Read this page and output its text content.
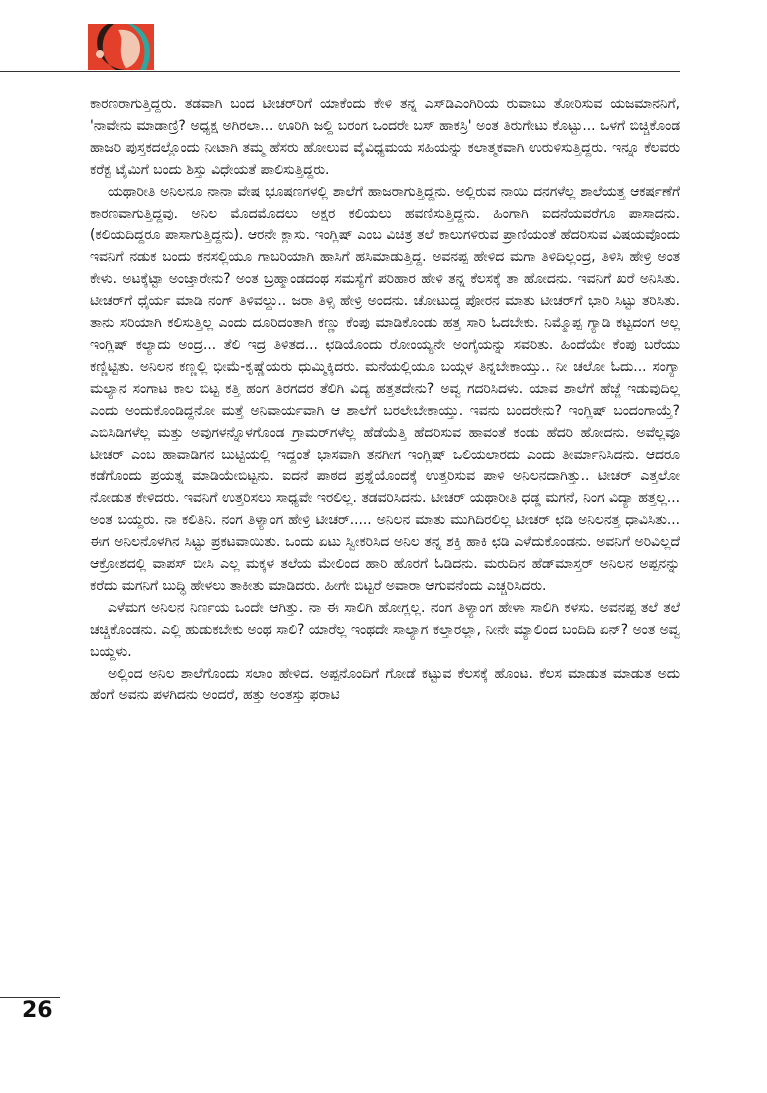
ಕಾರಣರಾಗುತ್ತಿದ್ದರು. ತಡವಾಗಿ ಬಂದ ಟೀಚರ್‌ರಿಗೆ ಯಾಕೆಂದು ಕೇಳಿ ತನ್ನ ಎಸ್‌ಡಿಎಂಗಿರಿಯ ರುವಾಬು ತೋರಿಸುವ ಯಜಮಾನನಿಗೆ, 'ನಾವೇನು ಮಾಡಾಣ್ರಿ? ಅಧ್ಯಕ್ಷ ಅಗಿರಲಾ... ಊರಿಗಿ ಜಲ್ದಿ ಬರಂಗ ಒಂದರೇ ಬಸ್ ಹಾಕಸ್ರಿ' ಅಂತ ತಿರುಗೇಟು ಕೊಟ್ಟು... ಒಳಗೆ ಬಿಚ್ಚಿಕೊಂಡ ಹಾಜರಿ ಪುಸ್ತಕದಲ್ಲೊಂದು ನೀಟಾಗಿ ತಮ್ಮ ಹೆಸರು ಹೋಲುವ ವೈವಿಧ್ಯಮಯ ಸಹಿಯನ್ನು ಕಲಾತ್ಮಕವಾಗಿ ಉರುಳಿಸುತ್ತಿದ್ದರು. ಇನ್ನೂ ಕೆಲವರು ಕರೆಕ್ಟ ಟೈಮಿಗೆ ಬಂದು ಶಿಸ್ತು ವಿಧೇಯತೆ ಪಾಲಿಸುತ್ತಿದ್ದರು.

ಯಥಾರೀತಿ ಅನಿಲನೂ ನಾನಾ ವೇಷ ಭೂಷಣಗಳಲ್ಲಿ ಶಾಲೆಗೆ ಹಾಜರಾಗುತ್ತಿದ್ದನು. ಅಲ್ಲಿರುವ ನಾಯಿ ದನಗಳೆಲ್ಲ ಶಾಲೆಯತ್ತ ಆಕರ್ಷಣೆಗೆ ಕಾರಣವಾಗುತ್ತಿದ್ದವು. ಅನಿಲ ಮೊದಮೊದಲು ಅಕ್ಷರ ಕಲಿಯಲು ಹವಣಿಸುತ್ತಿದ್ದನು. ಹಿಂಗಾಗಿ ಐದನೆಯವರೆಗೂ ಪಾಸಾದನು. (ಕಲಿಯದಿದ್ದರೂ ಪಾಸಾಗುತ್ತಿದ್ದನು). ಆರನೇ ಕ್ಲಾಸು. ಇಂಗ್ಲಿಷ್ ಎಂಬ ವಿಚಿತ್ರ ತಲೆ ಕಾಲುಗಳಿರುವ ಪ್ರಾಣಿಯಂತೆ ಹೆದರಿಸುವ ವಿಷಯವೊಂದು ಇವನಿಗೆ ನಡುಕ ಬಂದು ಕನಸಲ್ಲಿಯೂ ಗಾಬರಿಯಾಗಿ ಹಾಸಿಗೆ ಹಸಿಮಾಡುತ್ತಿದ್ದ. ಅವನಪ್ಪ ಹೇಳಿದ ಮಗಾ ತಿಳಿದಿಲ್ಲಂದ್ರ, ತಿಳಿಸಿ ಹೇಳ್ರಿ ಅಂತ ಕೇಳು. ಅಟಕ್ಕೆಟ್ಟಾ ಅಂಜ್ತಾರೇನು? ಅಂತ ಬ್ರಹ್ಮಾಂಡದಂಥ ಸಮಸ್ಯೆಗೆ ಪರಿಹಾರ ಹೇಳಿ ತನ್ನ ಕೆಲಸಕ್ಕೆ ತಾ ಹೋದನು. ಇವನಿಗೆ ಖರೆ ಅನಿಸಿತು. ಟೀಚರ್‌ಗೆ ಧೈರ್ಯ ಮಾಡಿ ನಂಗ್ ತಿಳಿವಲ್ದು.. ಜರಾ ತಿಳ್ಸಿ ಹೇಳ್ರಿ ಅಂದನು. ಚೋಟುದ್ದ ಪೋರನ ಮಾತು ಟೀಚರ್‌ಗೆ ಭಾರಿ ಸಿಟ್ಟು ತರಿಸಿತು. ತಾನು ಸರಿಯಾಗಿ ಕಲಿಸುತ್ತಿಲ್ಲ ಎಂದು ದೂರಿದಂತಾಗಿ ಕಣ್ಣು ಕೆಂಪು ಮಾಡಿಕೊಂಡು ಹತ್ತ ಸಾರಿ ಓದಬೇಕು. ನಿಮ್ಮೊಪ್ಪ ಗ್ಯಾಡಿ ಕಟ್ಟದಂಗ ಅಲ್ಲ ಇಂಗ್ಲಿಷ್ ಕಲ್ಯಾದು ಅಂದ್ರ... ತೆಲಿ ಇದ್ರ ತಿಳಿತದ... ಛಡಿಯೊಂದು ರೋಂಯ್ಯನೇ ಅಂಗೈಯನ್ನು ಸವರಿತು. ಹಿಂದೆಯೇ ಕೆಂಪು ಬರೆಯು ಕಣ್ಣಿಟ್ಟಿತು. ಅನಿಲನ ಕಣ್ಣಲ್ಲಿ ಭೀಮೆ-ಕೃಷ್ಣೆಯರು ಧುಮ್ಮಿಕ್ಕಿದರು. ಮನೆಯಲ್ಲಿಯೂ ಬಯ್ಗಳ ತಿನ್ನಬೇಕಾಯ್ತು.. ನೀ ಚಲೋ ಓದು... ಸಂಗ್ಯಾ ಮಲ್ಯಾನ ಸಂಗಾಟ ಕಾಲ ಬಿಟ್ಟ ಕತ್ತಿ ಹಂಗ ತಿರಗದರ ತೆಲಿಗಿ ವಿದ್ಯ ಹತ್ತತದೇನು? ಅವ್ವ ಗದರಿಸಿದಳು. ಯಾವ ಶಾಲೆಗೆ ಹೆಜ್ಜೆ ಇಡುವುದಿಲ್ಲ ಎಂದು ಅಂದುಕೊಂಡಿದ್ದನೋ ಮತ್ತೆ ಅನಿವಾರ್ಯವಾಗಿ ಆ ಶಾಲೆಗೆ ಬರಲೇಬೇಕಾಯ್ತು. ಇವನು ಬಂದರೇನು? ಇಂಗ್ಲಿಷ್ ಬಂದಂಗಾಯ್ತೆ? ಎಬಿಸಿಡಿಗಳೆಲ್ಲ ಮತ್ತು ಅವುಗಳನ್ನೊಳಗೊಂಡ ಗ್ರಾಮರ್‌ಗಳೆಲ್ಲ ಹೆಡೆಯೆತ್ತಿ ಹೆದರಿಸುವ ಹಾವಂತೆ ಕಂಡು ಹೆದರಿ ಹೋದನು. ಅವೆಲ್ಲವೂ ಟೀಚರ್ ಎಂಬ ಹಾವಾಡಿಗನ ಬುಟ್ಟಿಯಲ್ಲಿ ಇದ್ದಂತೆ ಭಾಸವಾಗಿ ತನಗೀಗ ಇಂಗ್ಲಿಷ್ ಒಲಿಯಲಾರದು ಎಂದು ತೀರ್ಮಾನಿಸಿದನು. ಆದರೂ ಕಡೆಗೊಂದು ಪ್ರಯತ್ನ ಮಾಡಿಯೇಬಿಟ್ಟನು. ಐದನೆ ಪಾಠದ ಪ್ರಶ್ನೆಯೊಂದಕ್ಕೆ ಉತ್ತರಿಸುವ ಪಾಳಿ ಅನಿಲನದಾಗಿತ್ತು.. ಟೀಚರ್ ಎತ್ತಲೋ ನೋಡುತ ಕೇಳಿದರು. ಇವನಿಗೆ ಉತ್ತರಿಸಲು ಸಾಧ್ಯವೇ ಇರಲಿಲ್ಲ. ತಡವರಿಸಿದನು. ಟೀಚರ್ ಯಥಾರೀತಿ ಧಡ್ಡ ಮಗನೆ, ನಿಂಗ ವಿದ್ಯಾ ಹತ್ತಲ್ಲ... ಅಂತ ಬಯ್ದರು. ನಾ ಕಲಿತಿನಿ. ನಂಗ ತಿಳ್ಯಾಂಗ ಹೇಳ್ರಿ ಟೀಚರ್..... ಅನಿಲನ ಮಾತು ಮುಗಿದಿರಲಿಲ್ಲ ಟೀಚರ್ ಛಡಿ ಅನಿಲನತ್ತ ಧಾವಿಸಿತು... ಈಗ ಅನಿಲನೊಳಗಿನ ಸಿಟ್ಟು ಪ್ರಕಟವಾಯಿತು. ಒಂದು ಏಟು ಸ್ವೀಕರಿಸಿದ ಅನಿಲ ತನ್ನ ಶಕ್ತಿ ಹಾಕಿ ಛಡಿ ಎಳೆದುಕೊಂಡನು. ಅವನಿಗೆ ಅರಿವಿಲ್ಲದೆ ಆಕ್ರೋಶದಲ್ಲಿ ವಾಪಸ್ ಬೀಸಿ ಎಲ್ಲ ಮಕ್ಕಳ ತಲೆಯ ಮೇಲಿಂದ ಹಾರಿ ಹೊರಗೆ ಓಡಿದನು. ಮರುದಿನ ಹೆಡ್‌ಮಾಸ್ತರ್ ಅನಿಲನ ಅಪ್ಪನನ್ನು ಕರೆದು ಮಗನಿಗೆ ಬುದ್ಧಿ ಹೇಳಲು ತಾಕೀತು ಮಾಡಿದರು. ಹೀಗೇ ಬಿಟ್ಟರೆ ಅವಾರಾ ಆಗುವನೆಂದು ಎಚ್ಚರಿಸಿದರು.

ಎಳೆಮಗ ಅನಿಲನ ನಿರ್ಣಯ ಒಂದೇ ಆಗಿತ್ತು. ನಾ ಈ ಸಾಲಿಗಿ ಹೋಗ್ಲಲ್ಲ. ನಂಗ ತಿಳ್ಯಾಂಗ ಹೇಳಾ ಸಾಲಿಗಿ ಕಳಸು. ಅವನಪ್ಪ ತಲೆ ತಲೆ ಚಚ್ಚಿಕೊಂಡನು. ಎಲ್ಲಿ ಹುಡುಕಬೇಕು ಅಂಥ ಸಾಲಿ? ಯಾರೆಲ್ಲ ಇಂಥದೇ ಸಾಲ್ಯಾಗ ಕಲ್ತಾರಲ್ಲಾ, ನೀನೇ ಮ್ಯಾಲಿಂದ ಬಂದಿದಿ ಏನ್? ಅಂತ ಅವ್ವ ಬಯ್ದಳು.

ಅಲ್ಲಿಂದ ಅನಿಲ ಶಾಲೆಗೊಂದು ಸಲಾಂ ಹೇಳಿದ. ಅಪ್ಪನೊಂದಿಗೆ ಗೋಡೆ ಕಟ್ಟುವ ಕೆಲಸಕ್ಕೆ ಹೊಂಟ. ಕೆಲಸ ಮಾಡುತ ಮಾಡುತ ಅದು ಹೆಂಗೆ ಅವನು ಪಳಗಿದನು ಅಂದರೆ, ಹತ್ತು ಅಂತಸ್ತು ಫರಾಟಿ

26
